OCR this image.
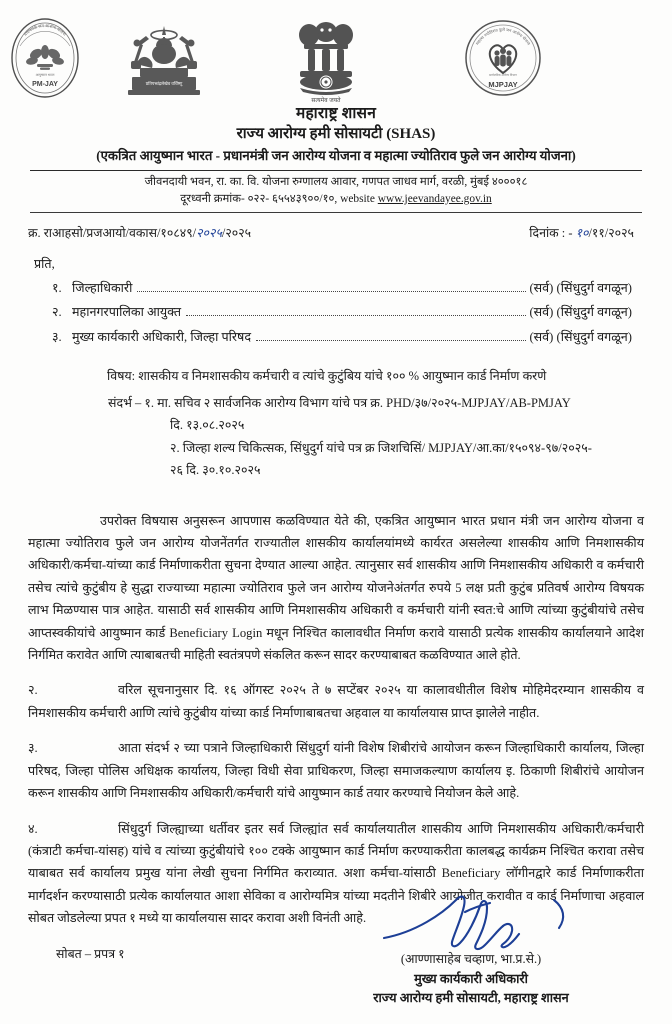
आयुष्मान भारत
PM-JAY
प्रधानमंत्री जन आरोग्य योजना
प्रतिपच्चंद्रलेखेव वर्धिष्णु
सत्यमेव जयते
महात्मा ज्योतिराव फुले जन आरोग्य योजना
सार्वजनिक आरोग्य विभाग
MJPJAY
महाराष्ट्र शासन
राज्य आरोग्य हमी सोसायटी (SHAS)
(एकत्रित आयुष्मान भारत - प्रधानमंत्री जन आरोग्य योजना व महात्मा ज्योतिराव फुले जन आरोग्य योजना)
जीवनदायी भवन, रा. का. वि. योजना रुग्णालय आवार, गणपत जाधव मार्ग, वरळी, मुंबई ४०००१८
दूरध्वनी क्रमांक- ०२२- ६५५४३९००/१०, website www.jeevandayee.gov.in
क्र. राआहसो/प्रजआयो/वकास/१०८४९/२०२५/२०२५	दिनांक : - १०/११/२०२५
प्रति,
१. जिल्हाधिकारी	(सर्व) (सिंधुदुर्ग वगळून)
२. महानगरपालिका आयुक्त	(सर्व) (सिंधुदुर्ग वगळून)
३. मुख्य कार्यकारी अधिकारी, जिल्हा परिषद	(सर्व) (सिंधुदुर्ग वगळून)
विषय: शासकीय व निमशासकीय कर्मचारी व त्यांचे कुटुंबिय यांचे १०० % आयुष्मान कार्ड निर्माण करणे
संदर्भ – १. मा. सचिव २ सार्वजनिक आरोग्य विभाग यांचे पत्र क्र. PHD/३७/२०२५-MJPJAY/AB-PMJAY
दि. १३.०८.२०२५
२. जिल्हा शल्य चिकित्सक, सिंधुदुर्ग यांचे पत्र क्र जिशचिसिं/ MJPJAY/आ.का/१५०९४-९७/२०२५-
२६ दि. ३०.१०.२०२५

उपरोक्त विषयास अनुसरून आपणास कळविण्यात येते की, एकत्रित आयुष्मान भारत प्रधान मंत्री जन आरोग्य योजना व महात्मा ज्योतिराव फुले जन आरोग्य योजनेंतर्गत राज्यातील शासकीय कार्यालयांमध्ये कार्यरत असलेल्या शासकीय आणि निमशासकीय अधिकारी/कर्मचा-यांच्या कार्ड निर्माणाकरीता सुचना देण्यात आल्या आहेत. त्यानुसार सर्व शासकीय आणि निमशासकीय अधिकारी व कर्मचारी तसेच त्यांचे कुटुंबीय हे सुद्धा राज्याच्या महात्मा ज्योतिराव फुले जन आरोग्य योजनेअंतर्गत रुपये 5 लक्ष प्रती कुटुंब प्रतिवर्ष आरोग्य विषयक लाभ मिळण्यास पात्र आहेत. यासाठी सर्व शासकीय आणि निमशासकीय अधिकारी व कर्मचारी यांनी स्वत:चे आणि त्यांच्या कुटुंबीयांचे तसेच आप्तस्वकीयांचे आयुष्मान कार्ड Beneficiary Login मधून निश्चित कालावधीत निर्माण करावे यासाठी प्रत्येक शासकीय कार्यालयाने आदेश निर्गमित करावेत आणि त्याबाबतची माहिती स्वतंत्रपणे संकलित करून सादर करण्याबाबत कळविण्यात आले होते.

२.	वरिल सूचनानुसार दि. १६ ऑगस्ट २०२५ ते ७ सप्टेंबर २०२५ या कालावधीतील विशेष मोहिमेदरम्यान शासकीय व निमशासकीय कर्मचारी आणि त्यांचे कुटुंबीय यांच्या कार्ड निर्माणाबाबतचा अहवाल या कार्यालयास प्राप्त झालेले नाहीत.

३.	आता संदर्भ २ च्या पत्राने जिल्हाधिकारी सिंधुदुर्ग यांनी विशेष शिबीरांचे आयोजन करून जिल्हाधिकारी कार्यालय, जिल्हा परिषद, जिल्हा पोलिस अधिक्षक कार्यालय, जिल्हा विधी सेवा प्राधिकरण, जिल्हा समाजकल्याण कार्यालय इ. ठिकाणी शिबीरांचे आयोजन करून शासकीय आणि निमशासकीय अधिकारी/कर्मचारी यांचे आयुष्मान कार्ड तयार करण्याचे नियोजन केले आहे.

४.	सिंधुदुर्ग जिल्ह्याच्या धर्तीवर इतर सर्व जिल्ह्यांत सर्व कार्यालयातील शासकीय आणि निमशासकीय अधिकारी/कर्मचारी (कंत्राटी कर्मचा-यांसह) यांचे व त्यांच्या कुटुंबीयांचे १०० टक्के आयुष्मान कार्ड निर्माण करण्याकरीता कालबद्ध कार्यक्रम निश्चित करावा तसेच याबाबत सर्व कार्यालय प्रमुख यांना लेखी सुचना निर्गमित कराव्यात. अशा कर्मचा-यांसाठी Beneficiary लॉगीनद्वारे कार्ड निर्माणाकरीता मार्गदर्शन करण्यासाठी प्रत्येक कार्यालयात आशा सेविका व आरोग्यमित्र यांच्या मदतीने शिबीरे आयोजीत करावीत व कार्ड निर्माणाचा अहवाल सोबत जोडलेल्या प्रपत १ मध्ये या कार्यालयास सादर करावा अशी विनंती आहे.

सोबत – प्रपत्र १	(आण्णासाहेब चव्हाण, भा.प्र.से.)
मुख्य कार्यकारी अधिकारी
राज्य आरोग्य हमी सोसायटी, महाराष्ट्र शासन
